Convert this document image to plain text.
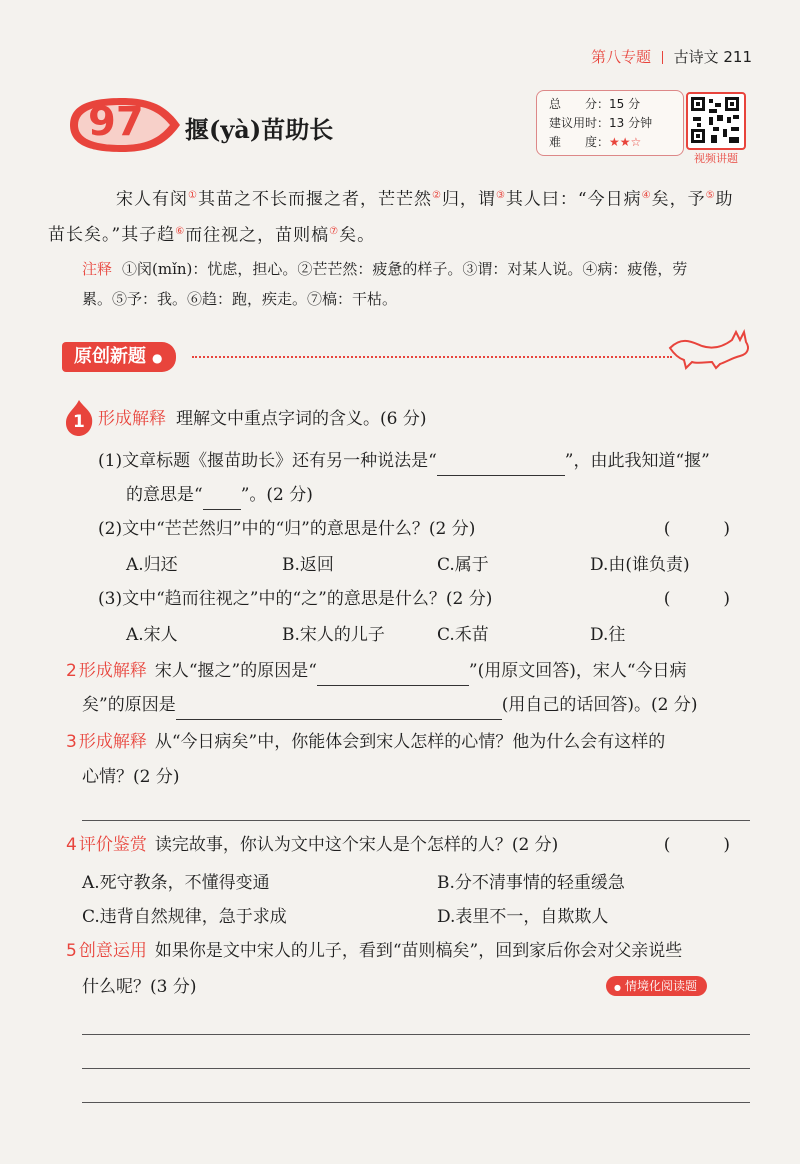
第八专题 古诗文 211
97 揠(yà)苗助长
总　　分：15 分
建议用时：13 分钟
难　　度：★★☆
视频讲题
宋人有闵①其苗之不长而揠之者，芒芒然②归，谓③其人曰：“今日病④矣，予⑤助
苗长矣。”其子趋⑥而往视之，苗则槁⑦矣。
注释 ①闵(mǐn)：忧虑，担心。②芒芒然：疲惫的样子。③谓：对某人说。④病：疲倦，劳
累。⑤予：我。⑥趋：跑，疾走。⑦槁：干枯。
原创新题 ●
1 形成解释 理解文中重点字词的含义。(6 分)
(1)文章标题《揠苗助长》还有另一种说法是“	”，由此我知道“揠”
的意思是“ ”。(2 分)
(2)文中“芒芒然归”中的“归”的意思是什么？(2 分)	(　)
A.归还	B.返回	C.属于	D.由(谁负责)
(3)文中“趋而往视之”中的“之”的意思是什么？(2 分)	(　)
A.宋人	B.宋人的儿子	C.禾苗	D.往
2 形成解释 宋人“揠之”的原因是“	”(用原文回答)，宋人“今日病
矣”的原因是	(用自己的话回答)。(2 分)
3 形成解释 从“今日病矣”中，你能体会到宋人怎样的心情？他为什么会有这样的
心情？(2 分)
4 评价鉴赏 读完故事，你认为文中这个宋人是个怎样的人？(2 分)	(　)
A.死守教条，不懂得变通	B.分不清事情的轻重缓急
C.违背自然规律，急于求成	D.表里不一，自欺欺人
5 创意运用 如果你是文中宋人的儿子，看到“苗则槁矣”，回到家后你会对父亲说些
什么呢？(3 分)	● 情境化阅读题
